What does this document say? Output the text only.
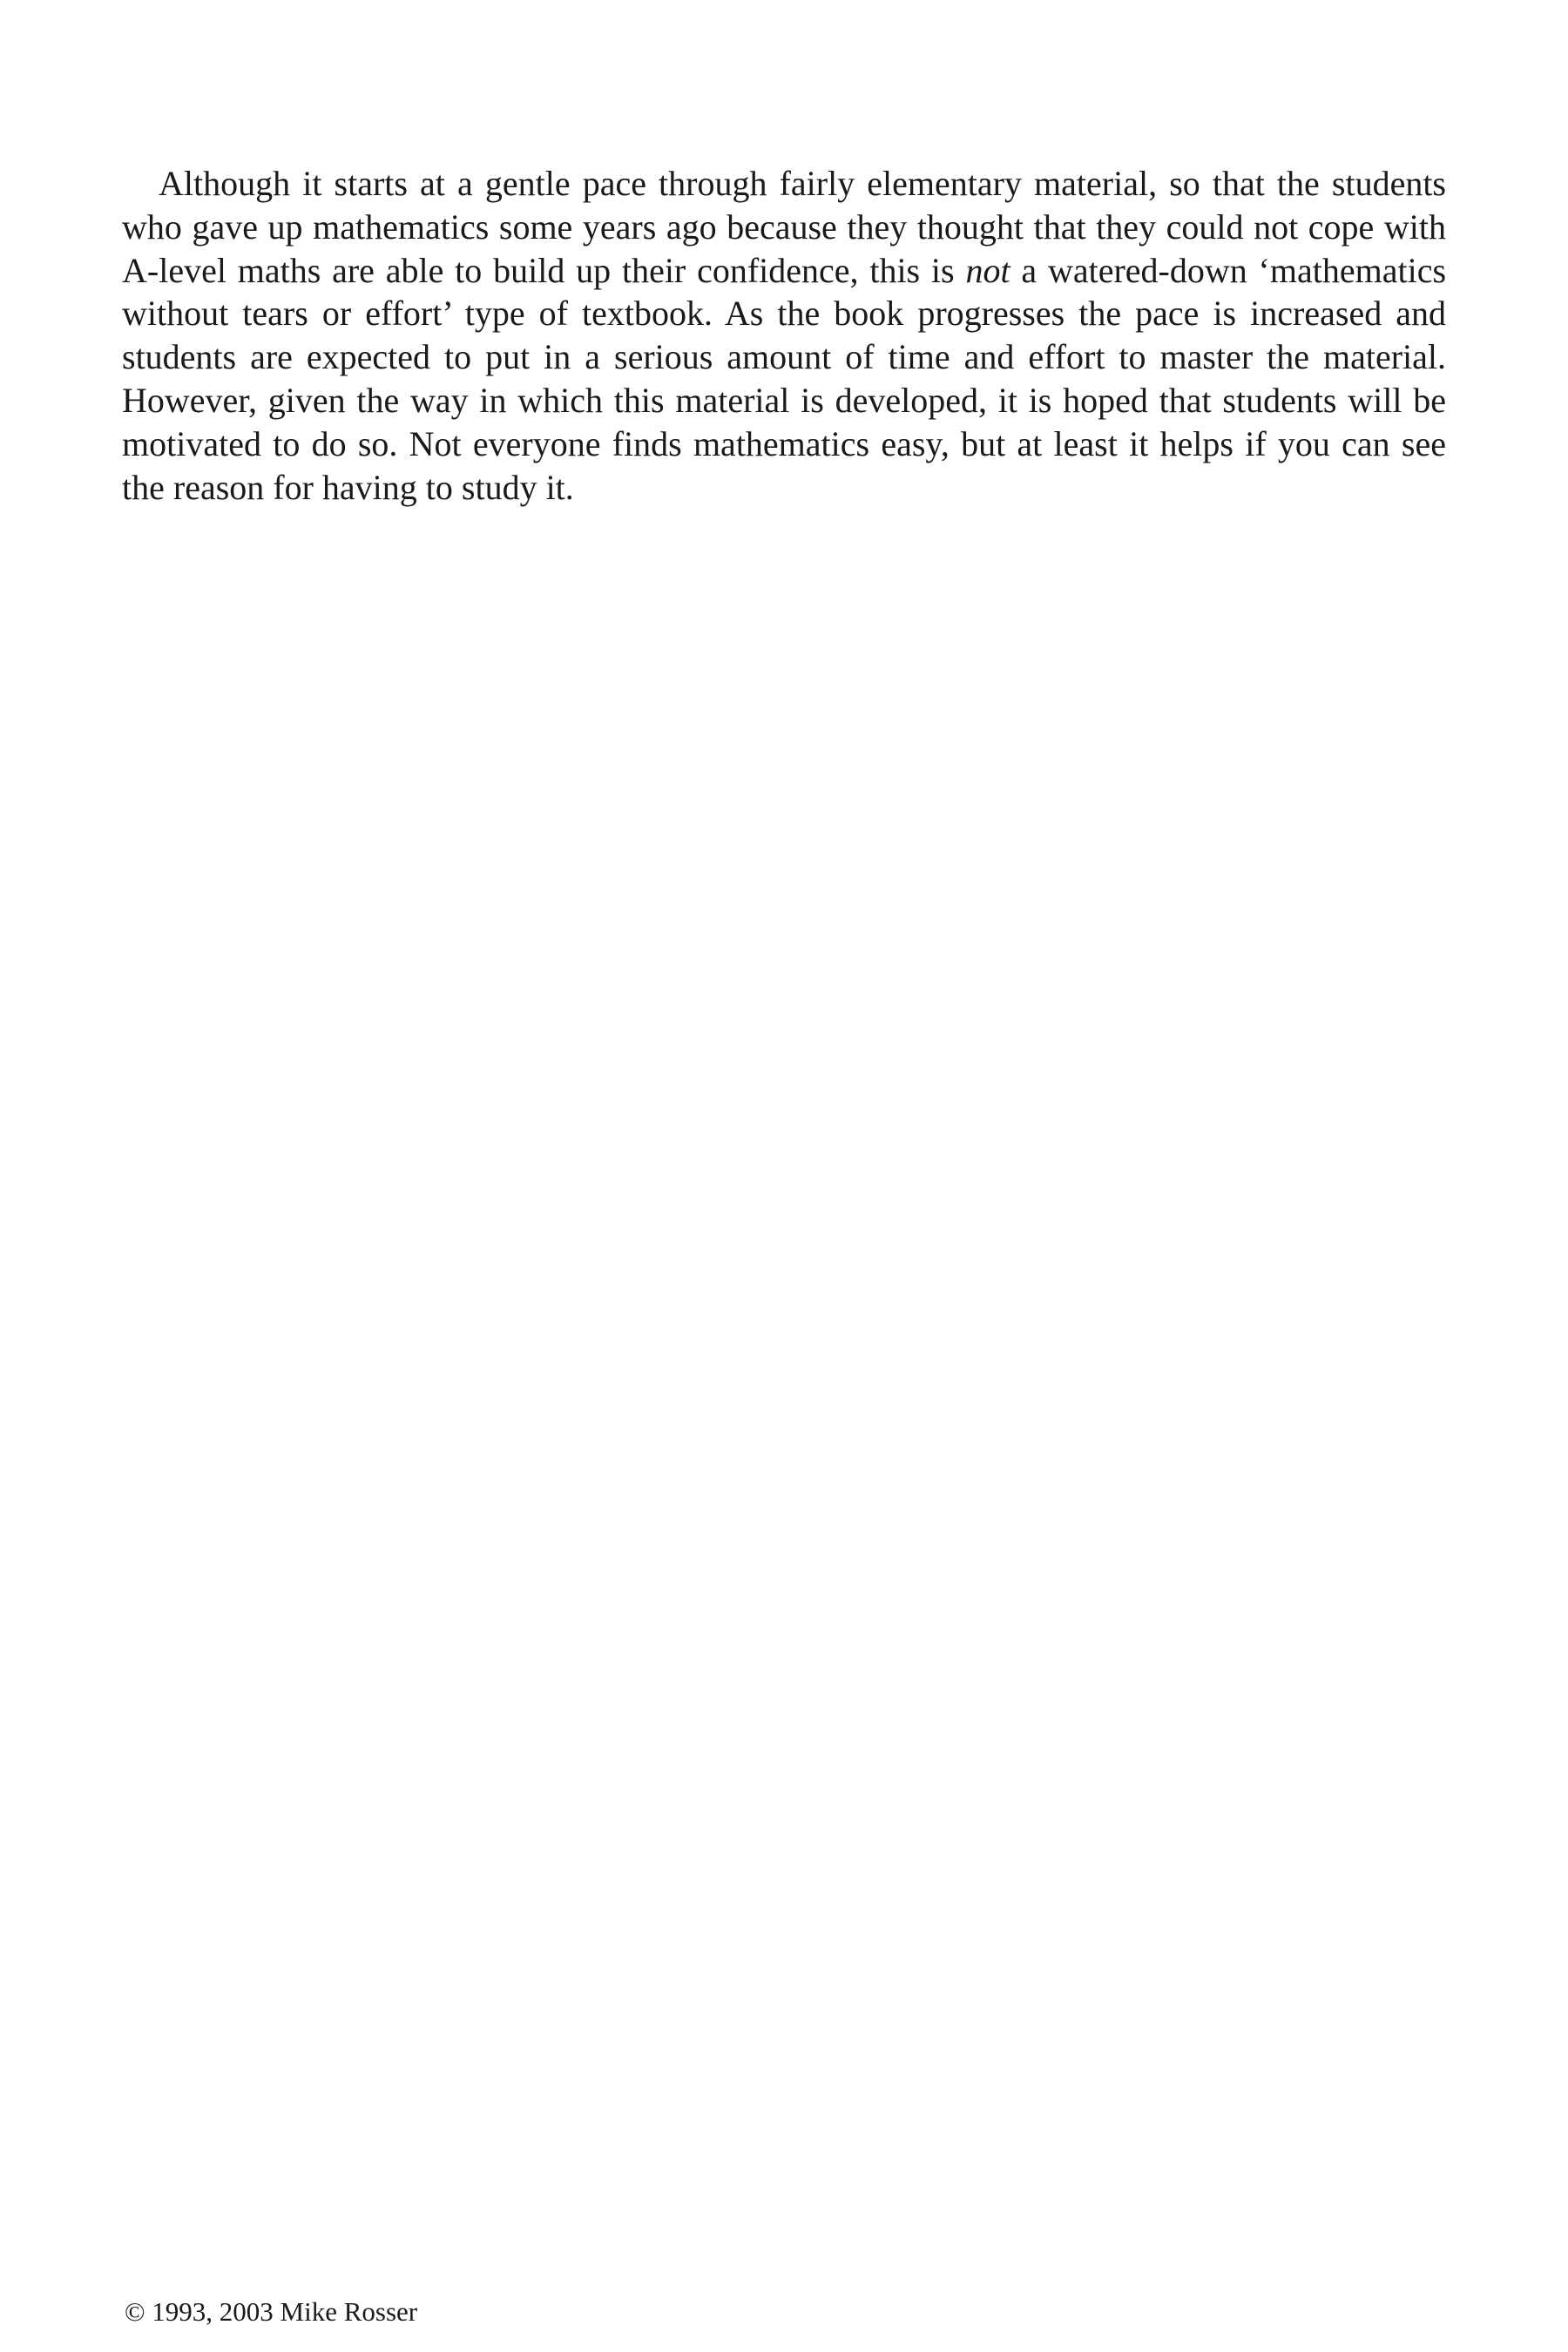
Although it starts at a gentle pace through fairly elementary material, so that the students who gave up mathematics some years ago because they thought that they could not cope with A-level maths are able to build up their confidence, this is not a watered-down ‘mathematics without tears or effort’ type of textbook. As the book progresses the pace is increased and students are expected to put in a serious amount of time and effort to master the material. However, given the way in which this material is developed, it is hoped that students will be motivated to do so. Not everyone finds mathematics easy, but at least it helps if you can see the reason for having to study it.

© 1993, 2003 Mike Rosser
